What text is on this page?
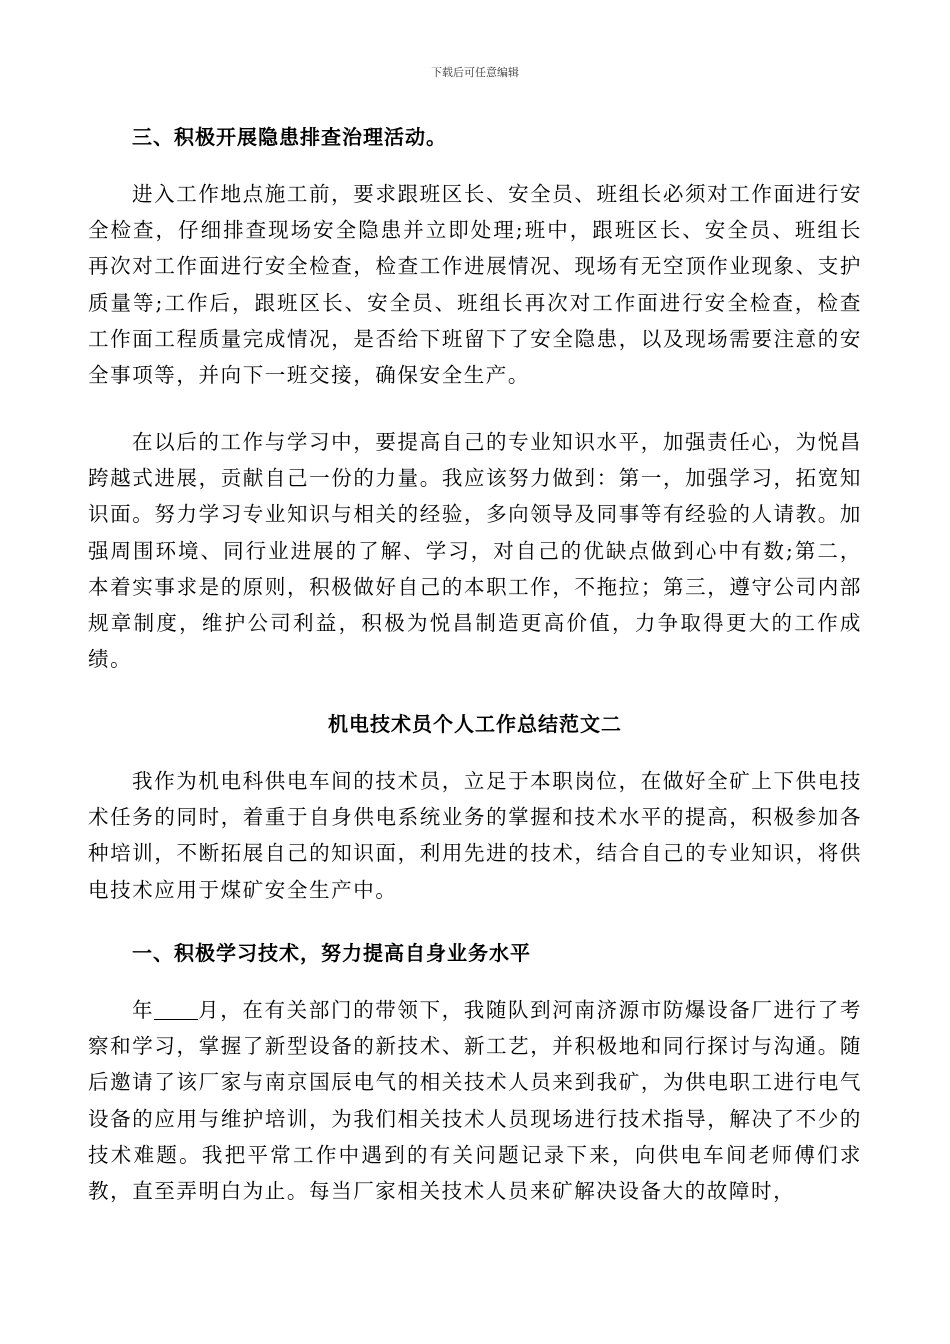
下载后可任意编辑
三、积极开展隐患排查治理活动。

进入工作地点施工前，要求跟班区长、安全员、班组长必须对工作面进行安全检查，仔细排查现场安全隐患并立即处理;班中，跟班区长、安全员、班组长再次对工作面进行安全检查，检查工作进展情况、现场有无空顶作业现象、支护质量等;工作后，跟班区长、安全员、班组长再次对工作面进行安全检查，检查工作面工程质量完成情况，是否给下班留下了安全隐患，以及现场需要注意的安全事项等，并向下一班交接，确保安全生产。

在以后的工作与学习中，要提高自己的专业知识水平，加强责任心，为悦昌跨越式进展，贡献自己一份的力量。我应该努力做到：第一，加强学习，拓宽知识面。努力学习专业知识与相关的经验，多向领导及同事等有经验的人请教。加强周围环境、同行业进展的了解、学习，对自己的优缺点做到心中有数;第二，本着实事求是的原则，积极做好自己的本职工作，不拖拉；第三，遵守公司内部规章制度，维护公司利益，积极为悦昌制造更高价值，力争取得更大的工作成绩。

机电技术员个人工作总结范文二

我作为机电科供电车间的技术员，立足于本职岗位，在做好全矿上下供电技术任务的同时，着重于自身供电系统业务的掌握和技术水平的提高，积极参加各种培训，不断拓展自己的知识面，利用先进的技术，结合自己的专业知识，将供电技术应用于煤矿安全生产中。

一、积极学习技术，努力提高自身业务水平

年 月，在有关部门的带领下，我随队到河南济源市防爆设备厂进行了考察和学习，掌握了新型设备的新技术、新工艺，并积极地和同行探讨与沟通。随后邀请了该厂家与南京国辰电气的相关技术人员来到我矿，为供电职工进行电气设备的应用与维护培训，为我们相关技术人员现场进行技术指导，解决了不少的技术难题。我把平常工作中遇到的有关问题记录下来，向供电车间老师傅们求教，直至弄明白为止。每当厂家相关技术人员来矿解决设备大的故障时，
